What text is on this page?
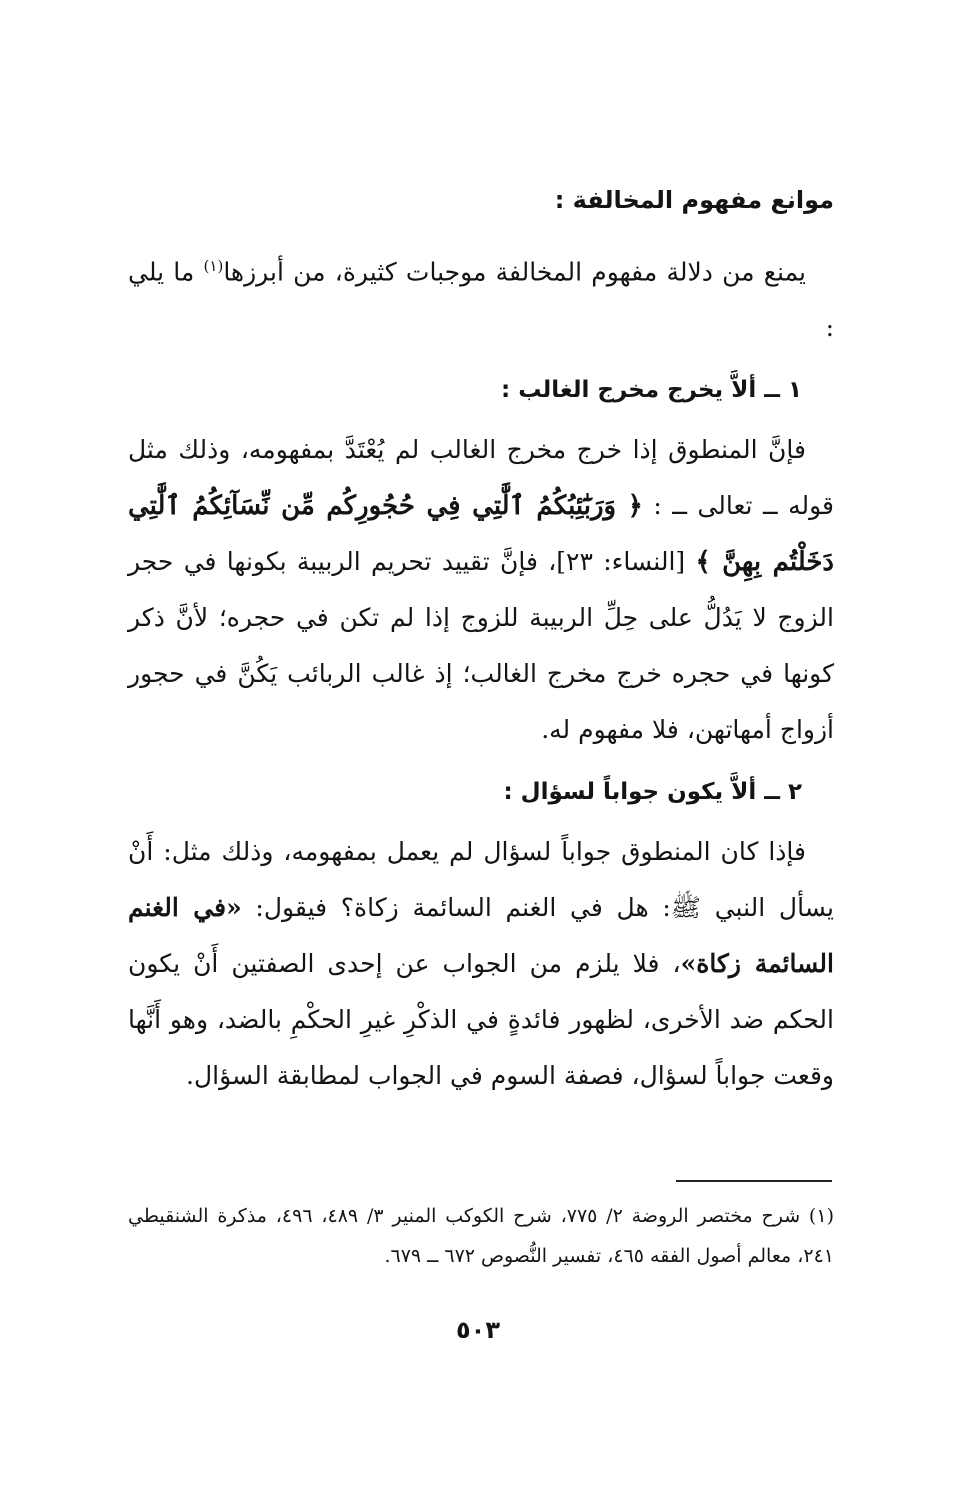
موانع مفهوم المخالفة :
يمنع من دلالة مفهوم المخالفة موجبات كثيرة، من أبرزها$^{(١)}$ ما يلي :
١ ــ ألاَّ يخرج مخرج الغالب :
فإنَّ المنطوق إذا خرج مخرج الغالب لم يُعْتَدَّ بمفهومه، وذلك مثل قوله ــ تعالى ــ : ﴿ وَرَبَٰٓئِبُكُمُ ٱلَّٰتِي فِي حُجُورِكُم مِّن نِّسَآئِكُمُ ٱلَّٰتِي دَخَلْتُم بِهِنَّ ﴾ [النساء: ٢٣]، فإنَّ تقييد تحريم الربيبة بكونها في حجر الزوج لا يَدُلُّ على حِلِّ الربيبة للزوج إذا لم تكن في حجره؛ لأنَّ ذكر كونها في حجره خرج مخرج الغالب؛ إذ غالب الربائب يَكُنَّ في حجور أزواج أمهاتهن، فلا مفهوم له.
٢ ــ ألاَّ يكون جواباً لسؤال :
فإذا كان المنطوق جواباً لسؤال لم يعمل بمفهومه، وذلك مثل: أَنْ يسأل النبي ﷺ: هل في الغنم السائمة زكاة؟ فيقول: «في الغنم السائمة زكاة»، فلا يلزم من الجواب عن إحدى الصفتين أَنْ يكون الحكم ضد الأخرى، لظهور فائدةٍ في الذكْرِ غيرِ الحكْمِ بالضد، وهو أَنَّها وقعت جواباً لسؤال، فصفة السوم في الجواب لمطابقة السؤال.
(١) شرح مختصر الروضة ٢/ ٧٧٥، شرح الكوكب المنير ٣/ ٤٨٩، ٤٩٦، مذكرة الشنقيطي ٢٤١، معالم أصول الفقه ٤٦٥، تفسير النُّصوص ٦٧٢ ــ ٦٧٩.
٥٠٣
